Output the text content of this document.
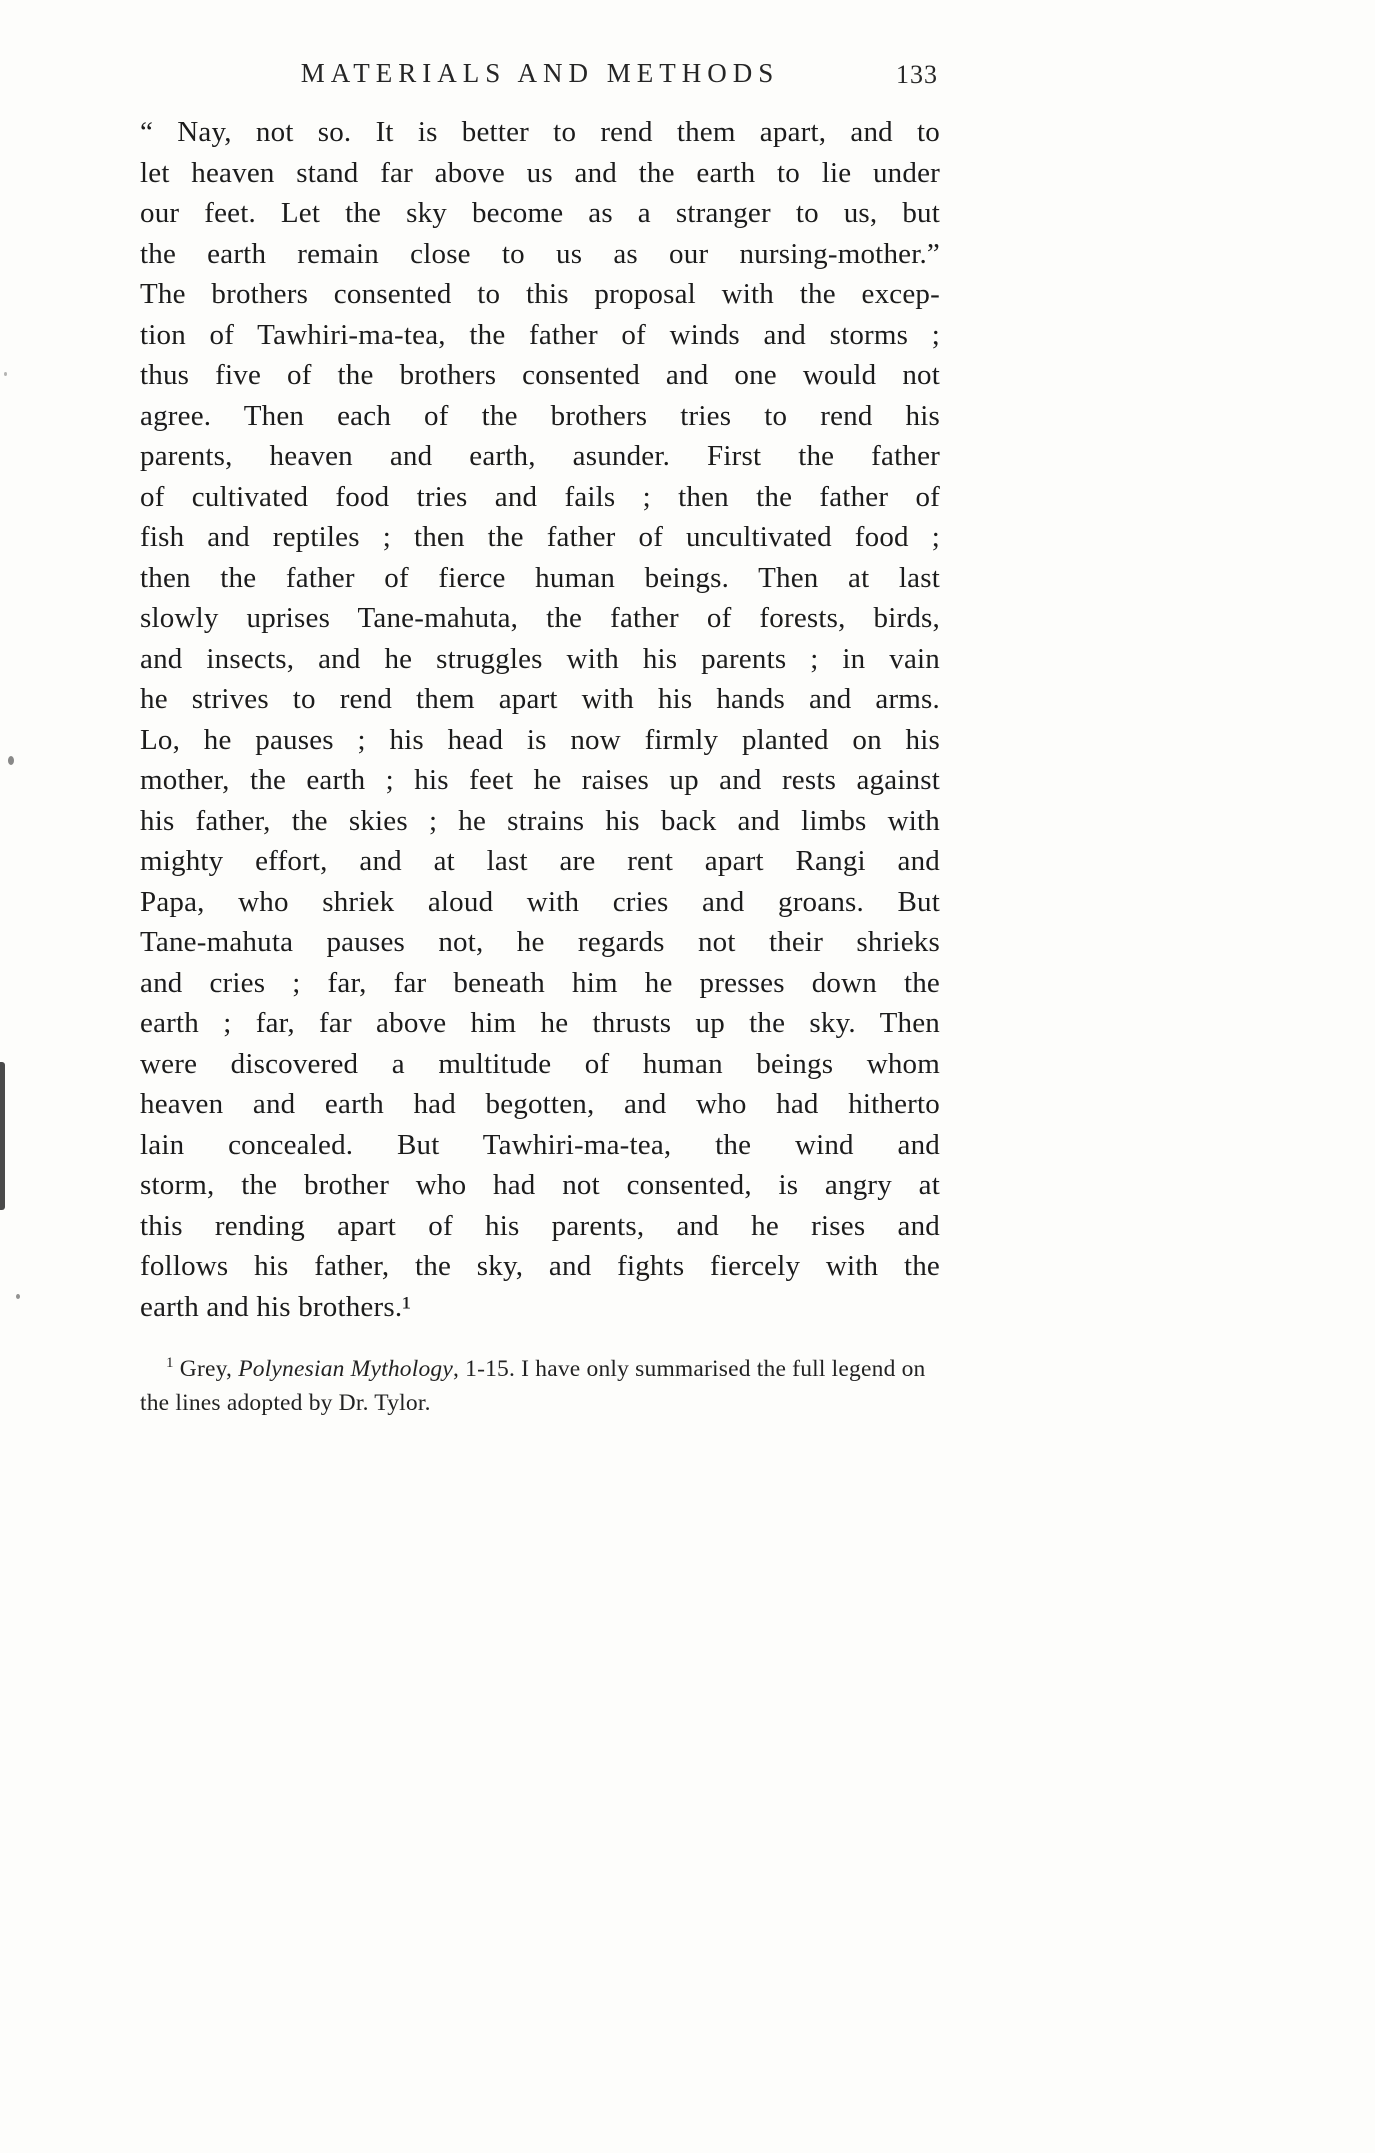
MATERIALS AND METHODS	133
“ Nay, not so. It is better to rend them apart, and to
let heaven stand far above us and the earth to lie under
our feet. Let the sky become as a stranger to us, but
the earth remain close to us as our nursing-mother.”
The brothers consented to this proposal with the excep-
tion of Tawhiri-ma-tea, the father of winds and storms ;
thus five of the brothers consented and one would not
agree. Then each of the brothers tries to rend his
parents, heaven and earth, asunder. First the father
of cultivated food tries and fails ; then the father of
fish and reptiles ; then the father of uncultivated food ;
then the father of fierce human beings. Then at last
slowly uprises Tane-mahuta, the father of forests, birds,
and insects, and he struggles with his parents ; in vain
he strives to rend them apart with his hands and arms.
Lo, he pauses ; his head is now firmly planted on his
mother, the earth ; his feet he raises up and rests against
his father, the skies ; he strains his back and limbs with
mighty effort, and at last are rent apart Rangi and
Papa, who shriek aloud with cries and groans. But
Tane-mahuta pauses not, he regards not their shrieks
and cries ; far, far beneath him he presses down the
earth ; far, far above him he thrusts up the sky. Then
were discovered a multitude of human beings whom
heaven and earth had begotten, and who had hitherto
lain concealed. But Tawhiri-ma-tea, the wind and
storm, the brother who had not consented, is angry at
this rending apart of his parents, and he rises and
follows his father, the sky, and fights fiercely with the
earth and his brothers.¹
$^1$ Grey, Polynesian Mythology, 1-15. I have only summarised the full legend on the lines adopted by Dr. Tylor.
